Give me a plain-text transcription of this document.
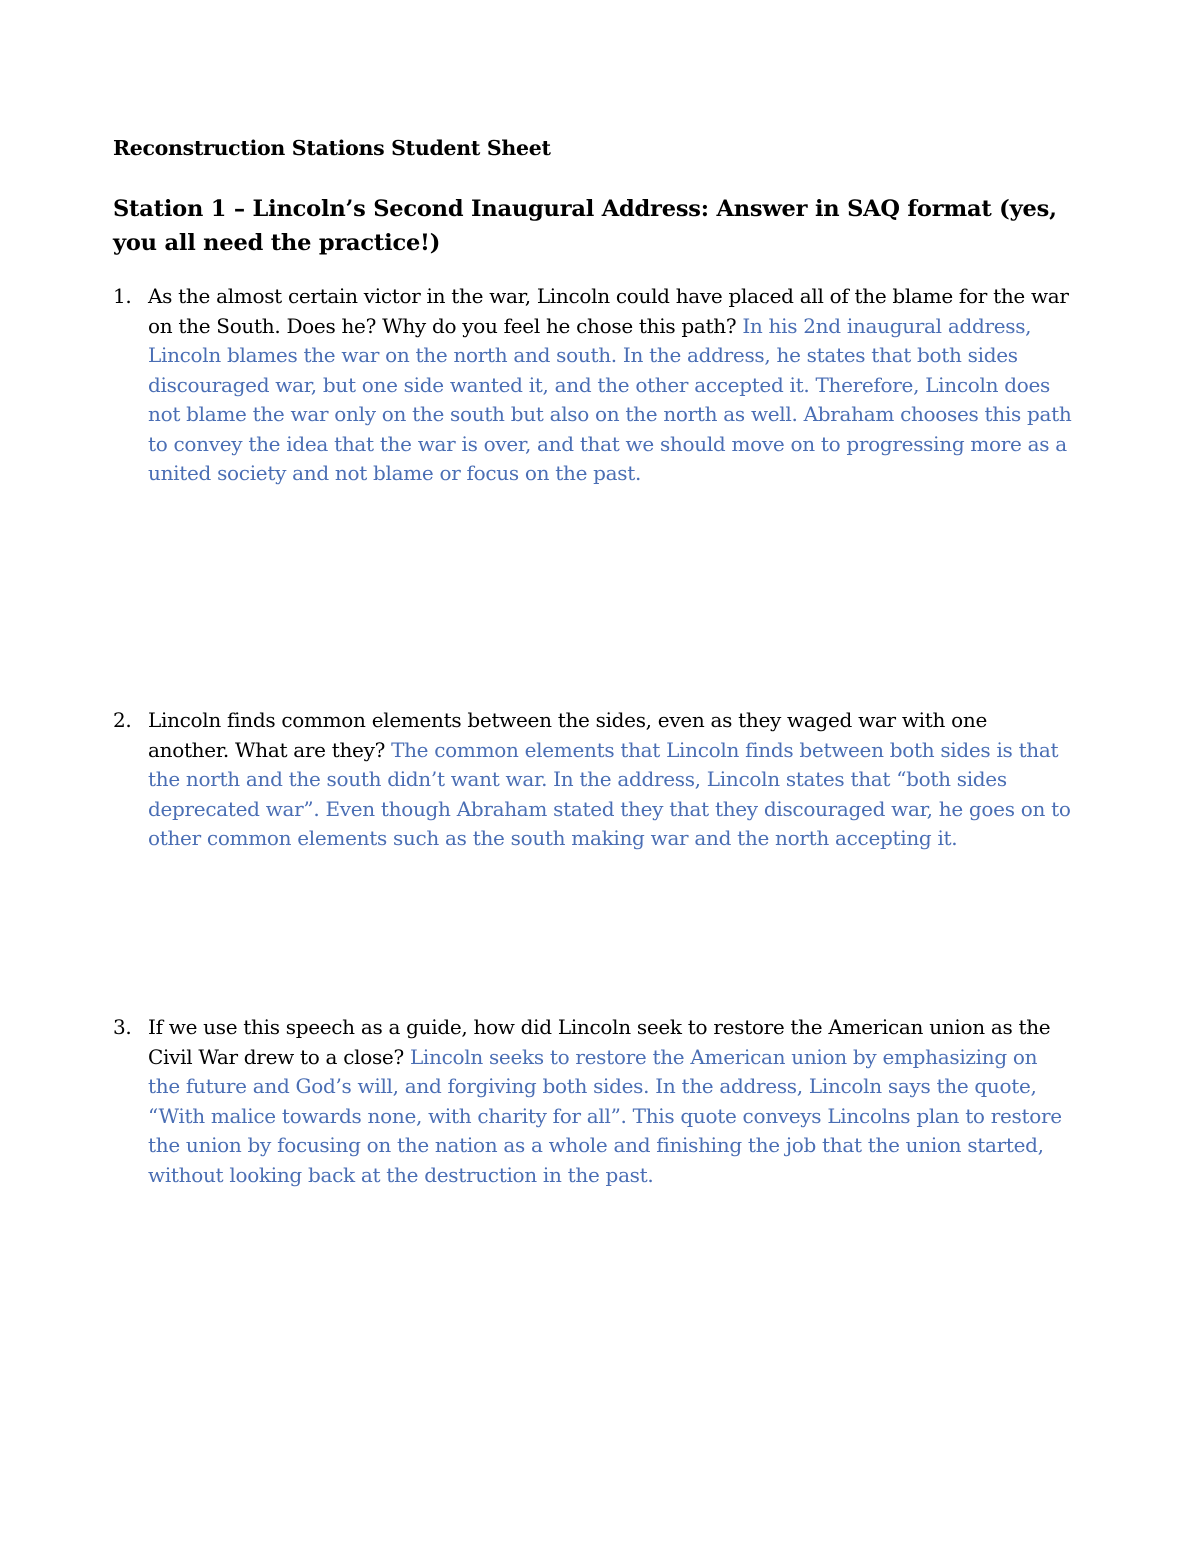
Reconstruction Stations Student Sheet
Station 1 – Lincoln’s Second Inaugural Address: Answer in SAQ format (yes, you all need the practice!)
1. As the almost certain victor in the war, Lincoln could have placed all of the blame for the war on the South. Does he? Why do you feel he chose this path? In his 2nd inaugural address, Lincoln blames the war on the north and south. In the address, he states that both sides discouraged war, but one side wanted it, and the other accepted it. Therefore, Lincoln does not blame the war only on the south but also on the north as well. Abraham chooses this path to convey the idea that the war is over, and that we should move on to progressing more as a united society and not blame or focus on the past.
2. Lincoln finds common elements between the sides, even as they waged war with one another. What are they? The common elements that Lincoln finds between both sides is that the north and the south didn’t want war. In the address, Lincoln states that “both sides deprecated war”. Even though Abraham stated they that they discouraged war, he goes on to other common elements such as the south making war and the north accepting it.
3. If we use this speech as a guide, how did Lincoln seek to restore the American union as the Civil War drew to a close? Lincoln seeks to restore the American union by emphasizing on the future and God’s will, and forgiving both sides. In the address, Lincoln says the quote, “With malice towards none, with charity for all”. This quote conveys Lincolns plan to restore the union by focusing on the nation as a whole and finishing the job that the union started, without looking back at the destruction in the past.
